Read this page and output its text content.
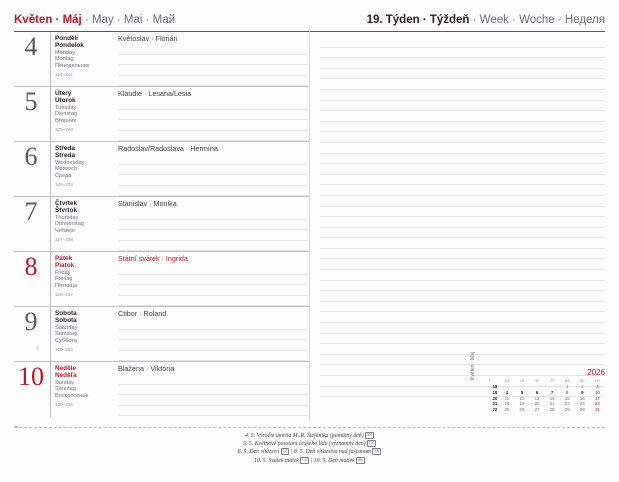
Květen · Máj · May · Mai · Май	19. Týden · Týždeň · Week · Woche · Неделя
4	Pondělí
Pondelok
Monday
Montag
Понедельник
124–241
Květoslav · Florián
5	Úterý
Utorok
Tuesday
Dienstag
Вторник
125–240
Klaudie · Lesana/Lesia
6	Středa
Streda
Wednesday
Mittwoch
Среда
126–239
Radoslav/Radoslava · Hermína
7	Čtvrtek
Štvrtok
Thursday
Donnerstag
Четверг
127–238
Stanislav · Monika
8	Pátek
Piatok
Friday
Freitag
Пятница
128–237
Státní svátek · Ingrida
9
☾
Sobota
Sobota
Saturday
Samstag
Суббота
129–236
Ctibor · Roland
10	Neděle
Neděľa
Sunday
Sonntag
Воскресенье
130–235
Blažena · Viktória	Květen · Máj	2026
t	po	út	st	čt	pá	so	ne
18					1	2	3
19	4	5	6	7	8	9	10
20	11	12	13	14	15	16	17
21	18	19	20	21	22	23	24
22	25	26	27	28	29	30	31
✂
4. 5. Výročie úmrtia M. R. Štefánika (pamätný deň) SK
5. 5. Květnové povstání českého lidu (významný den) CZ
8. 5. Den vítězství CZ | 8. 5. Deň víťazstva nad fašizmom SK
10. 5. Svátek matek CZ | 10. 5. Deň matiek SK
